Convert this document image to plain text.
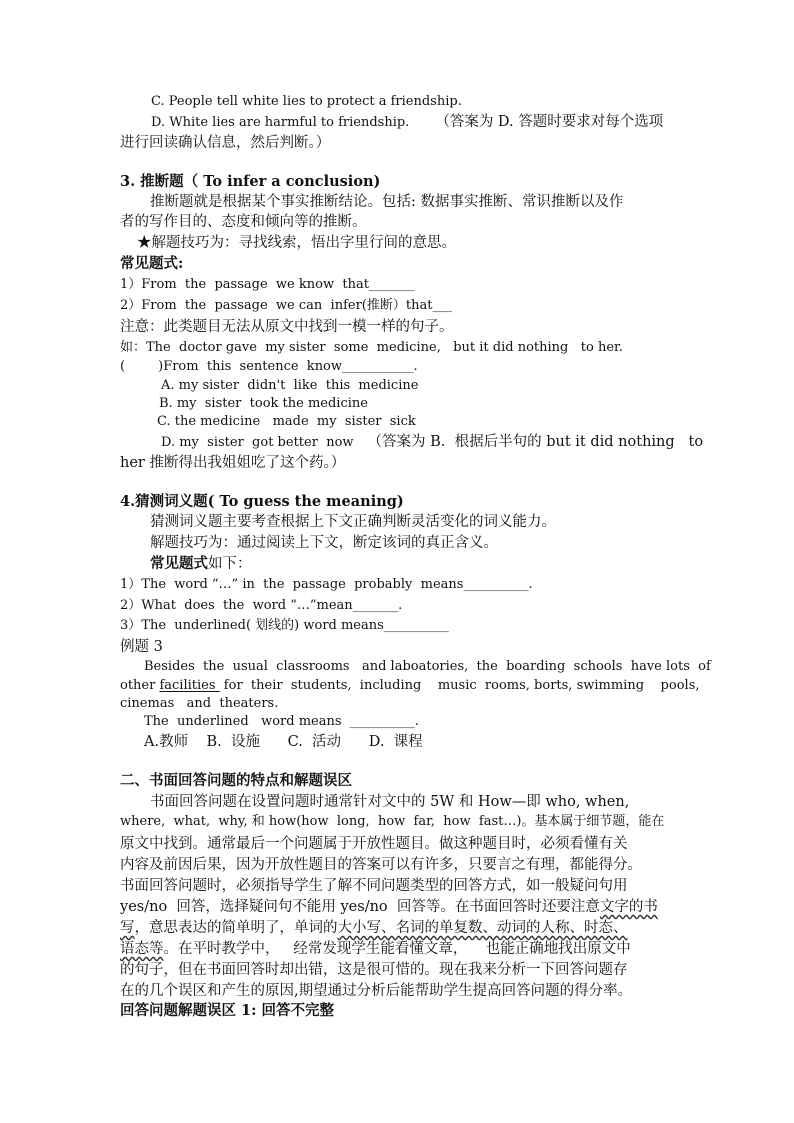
C. People tell white lies to protect a friendship.
D. White lies are harmful to friendship. （答案为 D. 答题时要求对每个选项
进行回读确认信息，然后判断。）
3. 推断题（ To infer a conclusion)
推断题就是根据某个事实推断结论。包括: 数据事实推断、常识推断以及作
者的写作目的、态度和倾向等的推断。
★解题技巧为：寻找线索，悟出字里行间的意思。
常见题式:
1）From  the  passage  we know  that_______
2）From  the  passage  we can  infer(推断）that___
注意：此类题目无法从原文中找到一模一样的句子。
如：The  doctor gave  my sister  some  medicine,   but it did nothing   to her.
(        )From  this  sentence  know___________.
A. my sister  didn't  like  this  medicine
B. my  sister  took the medicine
C. the medicine   made  my  sister  sick
D. my  sister  got better  now （答案为 B.  根据后半句的 but it did nothing   to
her 推断得出我姐姐吃了这个药。）
4.猜测词义题( To guess the meaning)
猜测词义题主要考查根据上下文正确判断灵活变化的词义能力。
解题技巧为：通过阅读上下文，断定该词的真正含义。
常见题式如下：
1）The  word “…” in  the  passage  probably  means__________.
2）What  does  the  word “…”mean_______.
3）The  underlined( 划线的) word means__________
例题 3
Besides  the  usual  classrooms   and laboatories,  the  boarding  schools  have lots  of
other facilities  for  their  students,  including    music  rooms, borts, swimming    pools,
cinemas   and  theaters.
The  underlined   word means  __________.
A.教师    B.  设施      C.  活动      D.  课程
二、书面回答问题的特点和解题误区
书面回答问题在设置问题时通常针对文中的 5W 和 How—即 who, when,
where,  what,  why, 和 how(how  long,  how  far,  how  fast…)。基本属于细节题，能在
原文中找到。通常最后一个问题属于开放性题目。做这种题目时，必须看懂有关
内容及前因后果，因为开放性题目的答案可以有许多，只要言之有理，都能得分。
书面回答问题时，必须指导学生了解不同问题类型的回答方式，如一般疑问句用
yes/no  回答，选择疑问句不能用 yes/no  回答等。在书面回答时还要注意文字的书
写，意思表达的简单明了，单词的大小写、名词的单复数、动词的人称、时态、
语态等。在平时教学中，   经常发现学生能看懂文章，    也能正确地找出原文中
的句子，但在书面回答时却出错，这是很可惜的。现在我来分析一下回答问题存
在的几个误区和产生的原因,期望通过分析后能帮助学生提高回答问题的得分率。
回答问题解题误区 1: 回答不完整
